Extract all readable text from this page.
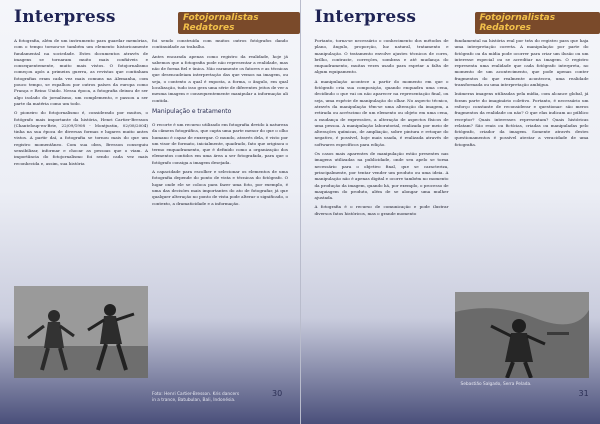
Interpress	Fotojornalistas Redatores

A fotografia, além de um instrumento para guardar memórias, com o tempo tornou-se também um elemento historicamente fundamental na sociedade. Estes documentos através de imagens se tornaram muito mais confiáveis e consequentemente, muito mais vistos. O fotojornalismo começou após a primeira guerra, as revistas que continham fotografias eram cada vez mais comuns na Alemanha, com pouco tempo, se espalhou por outros países da europa como França e Reino Unido. Nessa época, a fotografia deixou de ser algo isolado do jornalismo, um complemento, e passou a ser parte da matéria como um todo.

O pioneiro do fotojornalismo é, considerado por muitos, o fotógrafo mais importante da história, Henri Cartier-Bresson (Chanteloup-en-Brie, 22/09/1908 - Montjustin, 02/08/2004) tinha na sua época de diversas formas e lugares muito antes vistos. A partir daí, a fotografia se tornou mais do que um registro momentâneo. Com sua obra, Bresson conseguiu sensibilizar, informar e chocar as pessoas que o viam. A importância do fotojornalismo foi sendo cada vez mais reconhecida e, assim, sua história

foi sendo construída com muitos outros fotógrafos dando continuidade ao trabalho.

Antes encarada apenas como registro da realidade, hoje já sabemos que a fotografia pode não representar a realidade, mas não de forma fiel e única. Não raramente os fatores e as técnicas que desencadeiam interpretação das que vemos na imagem, ou seja, o contexto a qual é exposta, a forma, o ângulo, em qual localização, tudo isso gera uma série de diferentes jeitos de ver a mesma imagem e consequentemente manipular a informação ali contida.

Manipulação e tratamento

O recorte é um recurso utilizado em fotografia devido à natureza da câmera fotográfica, que capta uma parte menor do que o olho humano é capaz de enxergar. O mundo, através dela, é visto por um visor de formato, inicialmente, quadrado, fato que originou o termo enquadramento, que é definido como a organização dos elementos contidos em uma área a ser fotografada, para que o fotógrafo consiga a imagem desejada.

A capacidade para escolher e selecionar os elementos de uma fotografia depende do ponto de vista e técnicas do fotógrafo. O lugar onde ele se coloca para fazer uma foto, por exemplo, é uma das decisões mais importantes do ato de fotografar, já que qualquer alteração no ponto de vista pode alterar o significado, o contexto, a dramaticidade e a informação.

Foto: Henri Cartier-Bresson. Kris dancers
in a trance, Batubulan, Bali, Indonésia.
30
Interpress	Fotojornalistas Redatores

Portanto, torna-se necessário o conhecimento dos métodos de plano, ângulo, proporção, luz natural, tratamento e manipulação. O tratamento envolve ajustes técnicos de cores, brilho, contraste, correções, sombras e até mudança do enquadramento, muitas vezes usado para espetar a falta de algum equipamento.

A manipulação acontece a partir do momento em que o fotógrafo cria sua composição, quando enquadra uma cena, decidindo o que vai ou não aparecer na representação final, ou seja, uma espécie de manipulação do olhar. No aspecto técnico, através da manipulação têm-se uma alteração da imagem, a retirada ou acréscimo de um elemento ou objeto em uma cena, a mudança de expressões, a alteração de aspectos físicos de uma pessoa. A manipulação laboratorial, realizada por meio de alterações químicas, de ampliação, sobre pintura e retoque do negativo, é possível, hoje mais usada, é realizada através de softwares específicos para edição.

Os casos mais aparentes de manipulação estão presentes nas imagens utilizadas na publicidade, onde seu apelo se torna necessário para o objetivo final, que se caracteriza, principalmente, por tentar vender um produto ou uma ideia. A manipulação não é apenas digital e ocorre também no momento da produção da imagem, quando há, por exemplo, o processo de maquiagem do produto, além de se alongar uma mulher ajustada.

A fotografia é o recurso de comunicação e pode ilustrar diversos fatos históricos, mas o grande momento

fundamental na história real por trás do registro para que haja uma interpretação correta. A manipulação por parte do fotógrafo ou da mídia pode ocorrer para criar um ilusão ou um interesse especial ou se acreditar na imagem. O registro representa uma realidade que cada fotógrafo interpreta, no momento de um acontecimento, que pode apenas conter fragmentos do que realmente aconteceu, uma realidade transformada ou uma interpretação ambígua.

Inúmeras imagens utilizadas pela mídia, com alcance global, já foram parte do imaginário coletivo. Portanto, é necessário um esforço constante de reconsiderar e questionar: são meros fragmentos da realidade ou não? O que elas indicam ao público receptor? Quais interesses representam? Quais históricas relatam? São reais ou fictícias, criadas ou manipuladas pelo fotógrafo, criador da imagem. Somente através destes questionamentos é possível atestar a veracidade de uma fotografia.

Sebastião Salgado, Serra Pelada.
31
